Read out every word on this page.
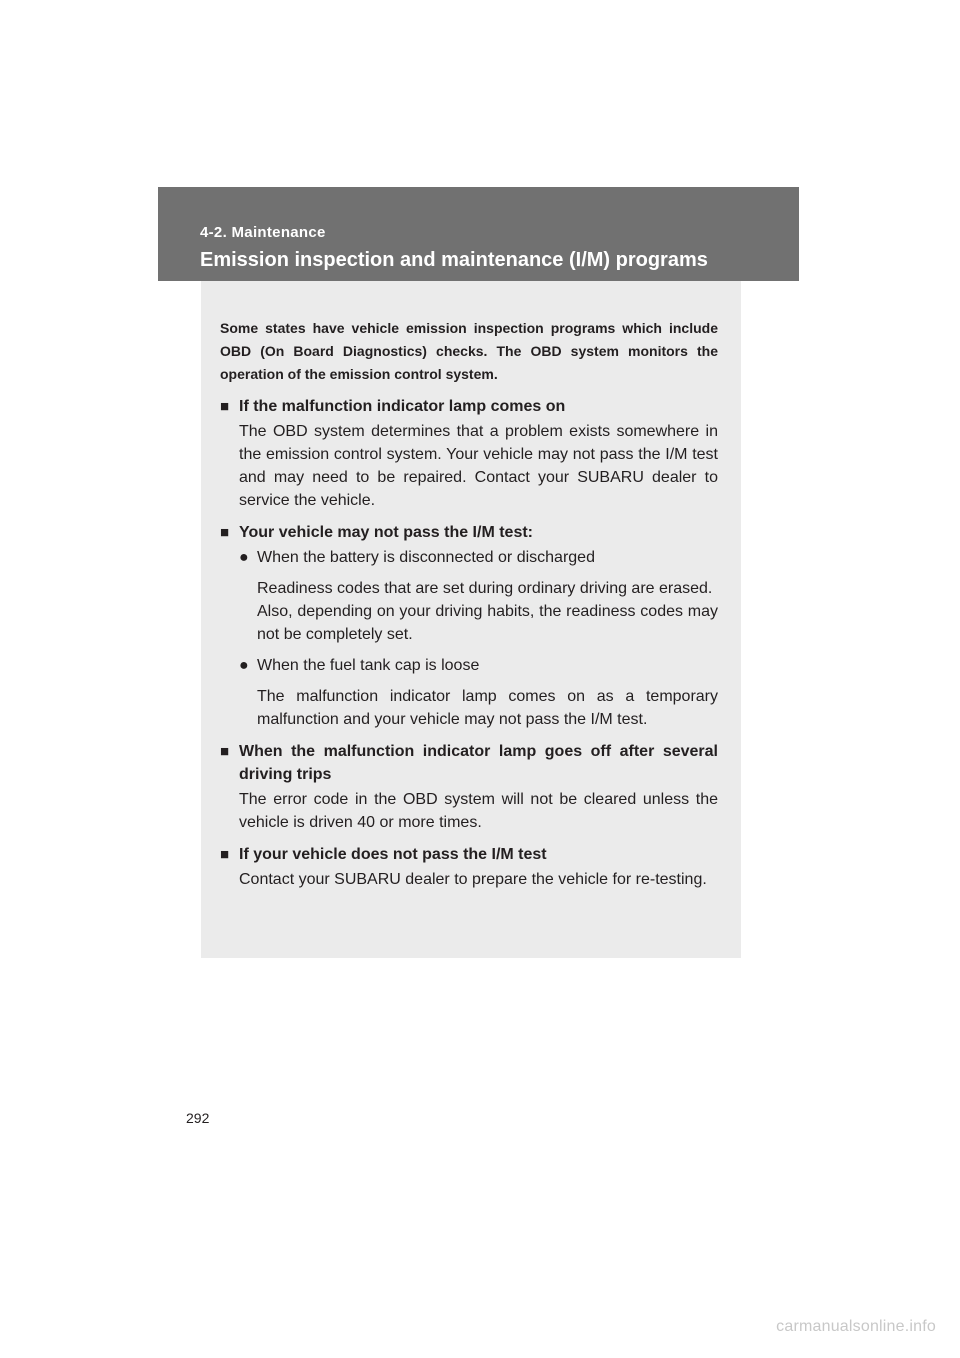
4-2. Maintenance
Emission inspection and maintenance (I/M) programs

Some states have vehicle emission inspection programs which include OBD (On Board Diagnostics) checks. The OBD system monitors the operation of the emission control system.

■ If the malfunction indicator lamp comes on
The OBD system determines that a problem exists somewhere in the emission control system. Your vehicle may not pass the I/M test and may need to be repaired. Contact your SUBARU dealer to service the vehicle.
■ Your vehicle may not pass the I/M test:
● When the battery is disconnected or discharged
Readiness codes that are set during ordinary driving are erased.
Also, depending on your driving habits, the readiness codes may not be completely set.
● When the fuel tank cap is loose
The malfunction indicator lamp comes on as a temporary malfunction and your vehicle may not pass the I/M test.
■ When the malfunction indicator lamp goes off after several driving trips
The error code in the OBD system will not be cleared unless the vehicle is driven 40 or more times.
■ If your vehicle does not pass the I/M test
Contact your SUBARU dealer to prepare the vehicle for re-testing.
292
carmanualsonline.info
